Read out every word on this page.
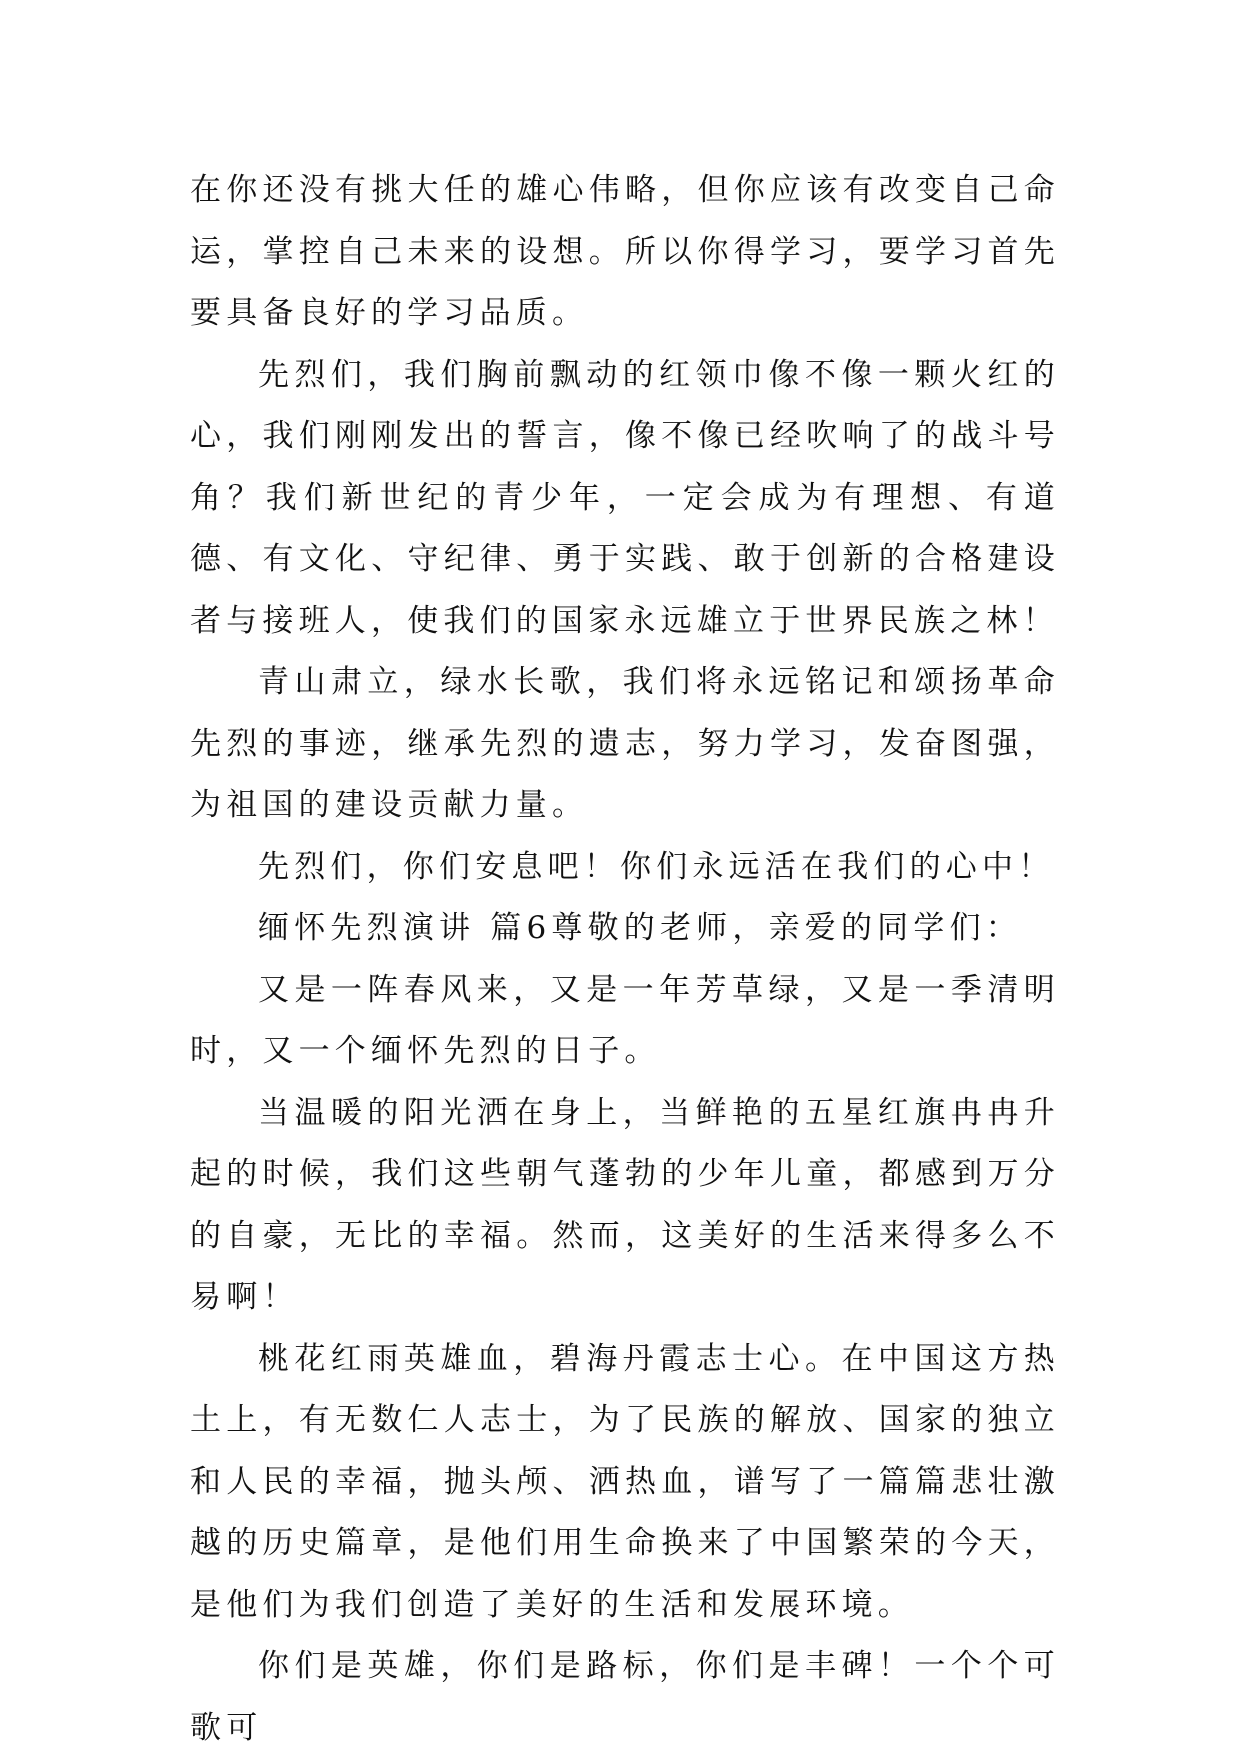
在你还没有挑大任的雄心伟略，但你应该有改变自己命运，掌控自己未来的设想。所以你得学习，要学习首先要具备良好的学习品质。

先烈们，我们胸前飘动的红领巾像不像一颗火红的心，我们刚刚发出的誓言，像不像已经吹响了的战斗号角？我们新世纪的青少年，一定会成为有理想、有道德、有文化、守纪律、勇于实践、敢于创新的合格建设者与接班人，使我们的国家永远雄立于世界民族之林！

青山肃立，绿水长歌，我们将永远铭记和颂扬革命先烈的事迹，继承先烈的遗志，努力学习，发奋图强，为祖国的建设贡献力量。

先烈们，你们安息吧！你们永远活在我们的心中！

缅怀先烈演讲 篇6尊敬的老师，亲爱的同学们：

又是一阵春风来，又是一年芳草绿，又是一季清明时，又一个缅怀先烈的日子。

当温暖的阳光洒在身上，当鲜艳的五星红旗冉冉升起的时候，我们这些朝气蓬勃的少年儿童，都感到万分的自豪，无比的幸福。然而，这美好的生活来得多么不易啊！

桃花红雨英雄血，碧海丹霞志士心。在中国这方热土上，有无数仁人志士，为了民族的解放、国家的独立和人民的幸福，抛头颅、洒热血，谱写了一篇篇悲壮激越的历史篇章，是他们用生命换来了中国繁荣的今天，是他们为我们创造了美好的生活和发展环境。

你们是英雄，你们是路标，你们是丰碑！一个个可歌可
